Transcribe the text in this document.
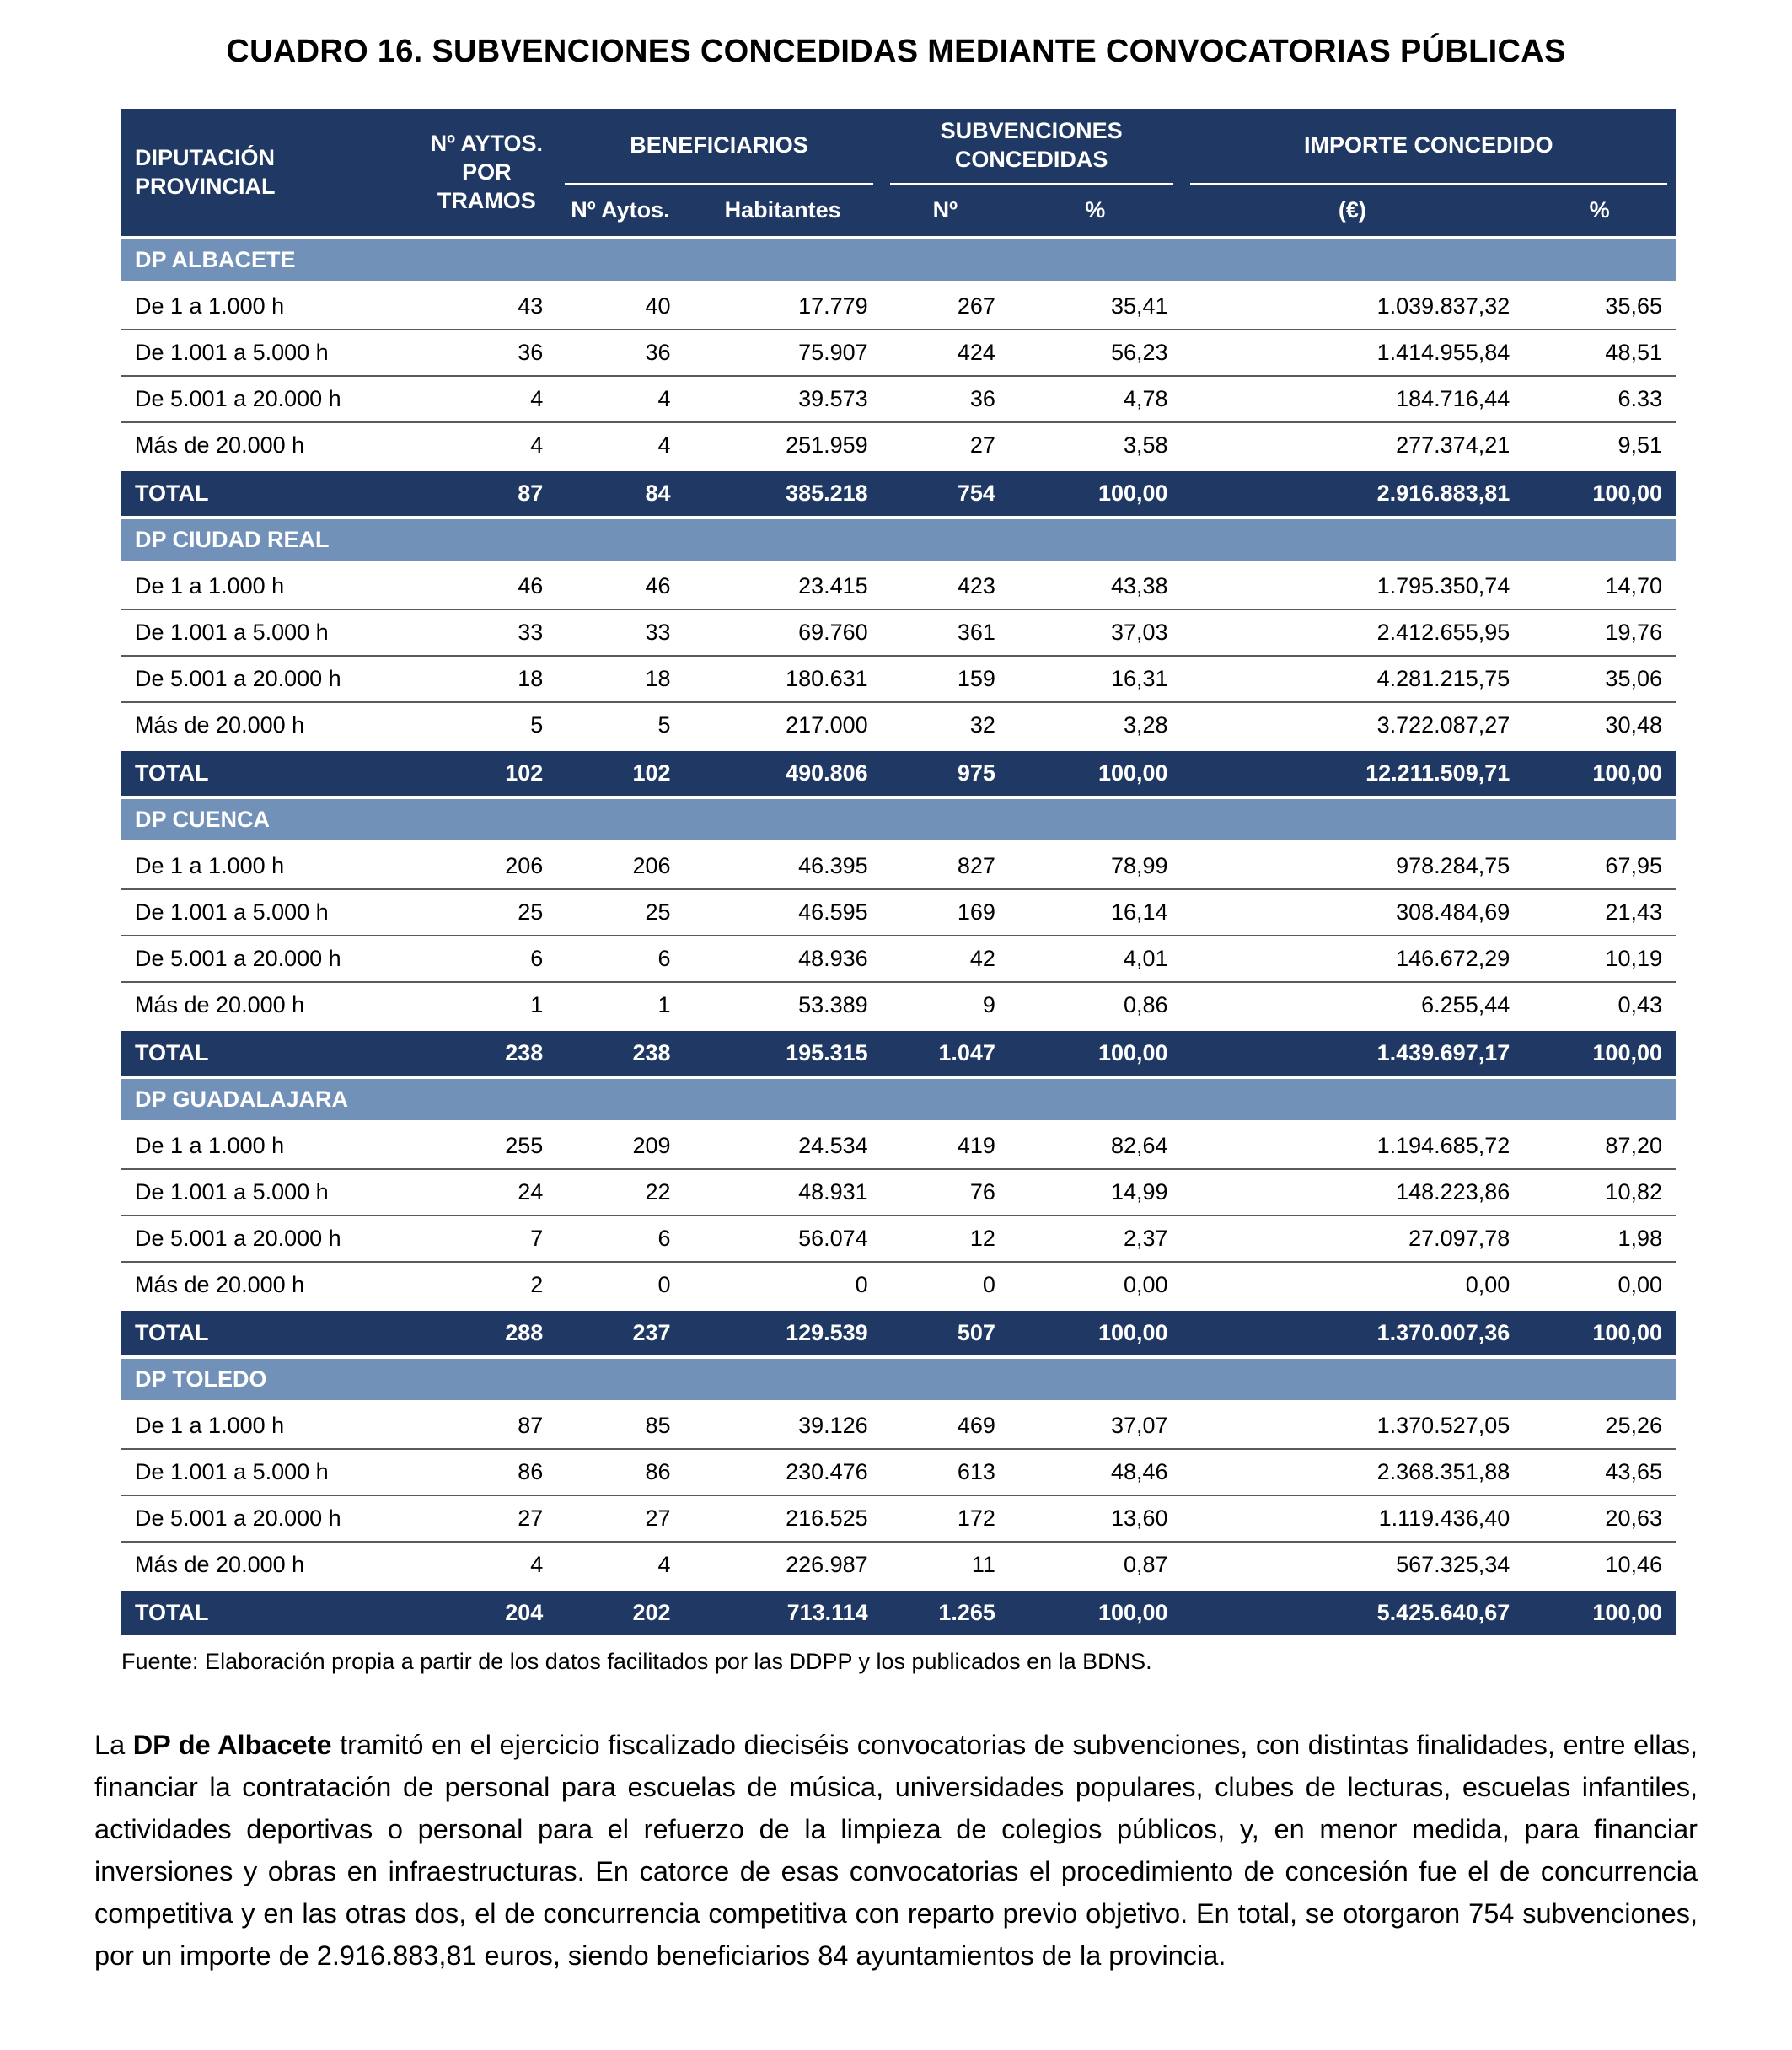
CUADRO 16. SUBVENCIONES CONCEDIDAS MEDIANTE CONVOCATORIAS PÚBLICAS
DIPUTACIÓN PROVINCIAL	Nº AYTOS. POR TRAMOS	BENEFICIARIOS		SUBVENCIONES CONCEDIDAS		IMPORTE CONCEDIDO	
		Nº Aytos.	Habitantes	Nº	%	(€)	%
DP ALBACETE							
De 1 a 1.000 h	43	40	17.779	267	35,41	1.039.837,32	35,65
De 1.001 a 5.000 h	36	36	75.907	424	56,23	1.414.955,84	48,51
De 5.001 a 20.000 h	4	4	39.573	36	4,78	184.716,44	6.33
Más de 20.000 h	4	4	251.959	27	3,58	277.374,21	9,51
TOTAL	87	84	385.218	754	100,00	2.916.883,81	100,00
DP CIUDAD REAL							
De 1 a 1.000 h	46	46	23.415	423	43,38	1.795.350,74	14,70
De 1.001 a 5.000 h	33	33	69.760	361	37,03	2.412.655,95	19,76
De 5.001 a 20.000 h	18	18	180.631	159	16,31	4.281.215,75	35,06
Más de 20.000 h	5	5	217.000	32	3,28	3.722.087,27	30,48
TOTAL	102	102	490.806	975	100,00	12.211.509,71	100,00
DP CUENCA							
De 1 a 1.000 h	206	206	46.395	827	78,99	978.284,75	67,95
De 1.001 a 5.000 h	25	25	46.595	169	16,14	308.484,69	21,43
De 5.001 a 20.000 h	6	6	48.936	42	4,01	146.672,29	10,19
Más de 20.000 h	1	1	53.389	9	0,86	6.255,44	0,43
TOTAL	238	238	195.315	1.047	100,00	1.439.697,17	100,00
DP GUADALAJARA							
De 1 a 1.000 h	255	209	24.534	419	82,64	1.194.685,72	87,20
De 1.001 a 5.000 h	24	22	48.931	76	14,99	148.223,86	10,82
De 5.001 a 20.000 h	7	6	56.074	12	2,37	27.097,78	1,98
Más de 20.000 h	2	0	0	0	0,00	0,00	0,00
TOTAL	288	237	129.539	507	100,00	1.370.007,36	100,00
DP TOLEDO							
De 1 a 1.000 h	87	85	39.126	469	37,07	1.370.527,05	25,26
De 1.001 a 5.000 h	86	86	230.476	613	48,46	2.368.351,88	43,65
De 5.001 a 20.000 h	27	27	216.525	172	13,60	1.119.436,40	20,63
Más de 20.000 h	4	4	226.987	11	0,87	567.325,34	10,46
TOTAL	204	202	713.114	1.265	100,00	5.425.640,67	100,00

Fuente: Elaboración propia a partir de los datos facilitados por las DDPP y los publicados en la BDNS.

La DP de Albacete tramitó en el ejercicio fiscalizado dieciséis convocatorias de subvenciones, con distintas finalidades, entre ellas, financiar la contratación de personal para escuelas de música, universidades populares, clubes de lecturas, escuelas infantiles, actividades deportivas o personal para el refuerzo de la limpieza de colegios públicos, y, en menor medida, para financiar inversiones y obras en infraestructuras. En catorce de esas convocatorias el procedimiento de concesión fue el de concurrencia competitiva y en las otras dos, el de concurrencia competitiva con reparto previo objetivo. En total, se otorgaron 754 subvenciones, por un importe de 2.916.883,81 euros, siendo beneficiarios 84 ayuntamientos de la provincia.
